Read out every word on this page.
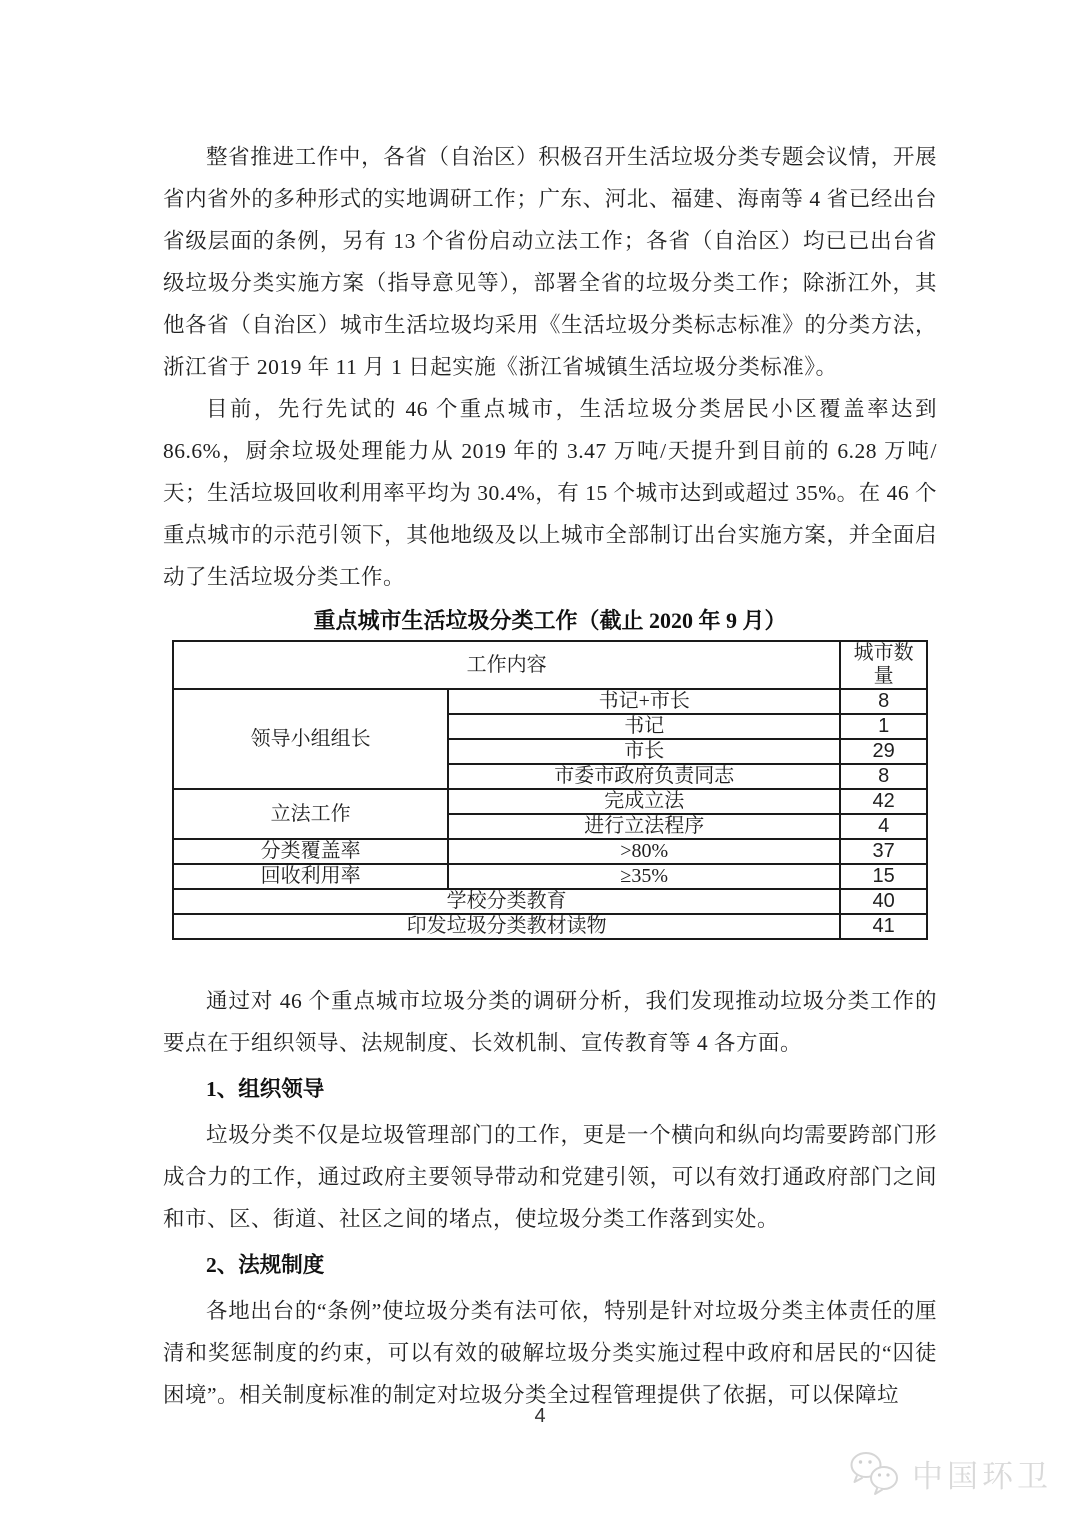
整省推进工作中，各省（自治区）积极召开生活垃圾分类专题会议情，开展省内省外的多种形式的实地调研工作；广东、河北、福建、海南等 4 省已经出台省级层面的条例，另有 13 个省份启动立法工作；各省（自治区）均已已出台省级垃圾分类实施方案（指导意见等），部署全省的垃圾分类工作；除浙江外，其他各省（自治区）城市生活垃圾均采用《生活垃圾分类标志标准》的分类方法，浙江省于 2019 年 11 月 1 日起实施《浙江省城镇生活垃圾分类标准》。

目前，先行先试的 46 个重点城市，生活垃圾分类居民小区覆盖率达到 86.6%，厨余垃圾处理能力从 2019 年的 3.47 万吨/天提升到目前的 6.28 万吨/天；生活垃圾回收利用率平均为 30.4%，有 15 个城市达到或超过 35%。在 46 个重点城市的示范引领下，其他地级及以上城市全部制订出台实施方案，并全面启动了生活垃圾分类工作。

重点城市生活垃圾分类工作（截止 2020 年 9 月）
工作内容		城市数量
领导小组组长	书记+市长	8
	书记	1
	市长	29
	市委市政府负责同志	8
立法工作	完成立法	42
	进行立法程序	4
分类覆盖率	>80%	37
回收利用率	≥35%	15
学校分类教育		40
印发垃圾分类教材读物		41

通过对 46 个重点城市垃圾分类的调研分析，我们发现推动垃圾分类工作的要点在于组织领导、法规制度、长效机制、宣传教育等 4 各方面。

1、组织领导

垃圾分类不仅是垃圾管理部门的工作，更是一个横向和纵向均需要跨部门形成合力的工作，通过政府主要领导带动和党建引领，可以有效打通政府部门之间和市、区、街道、社区之间的堵点，使垃圾分类工作落到实处。

2、法规制度

各地出台的“条例”使垃圾分类有法可依，特别是针对垃圾分类主体责任的厘清和奖惩制度的约束，可以有效的破解垃圾分类实施过程中政府和居民的“囚徒困境”。相关制度标准的制定对垃圾分类全过程管理提供了依据，可以保障垃

4
中国环卫
